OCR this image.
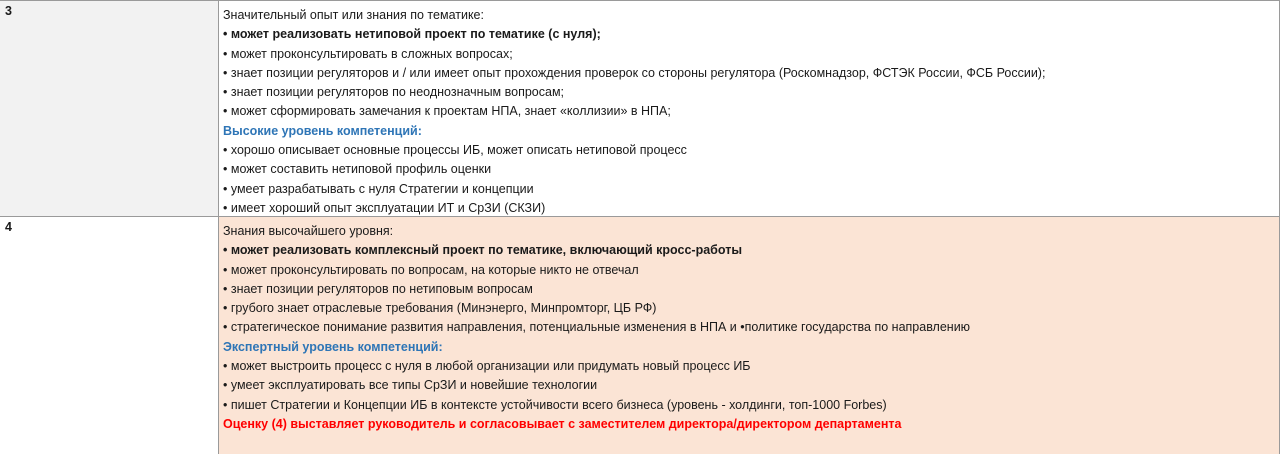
3	Значительный опыт или знания по тематике:
• может реализовать нетиповой проект по тематике (с нуля);
• может проконсультировать в сложных вопросах;
• знает позиции регуляторов и / или имеет опыт прохождения проверок со стороны регулятора (Роскомнадзор, ФСТЭК России, ФСБ России);
• знает позиции регуляторов по неоднозначным вопросам;
• может сформировать замечания к проектам НПА, знает «коллизии» в НПА;
Высокие уровень компетенций:
• хорошо описывает основные процессы ИБ, может описать нетиповой процесс
• может составить нетиповой профиль оценки
• умеет разрабатывать с нуля Стратегии и концепции
• имеет хороший опыт эксплуатации ИТ и СрЗИ (СКЗИ)
4	Знания высочайшего уровня:
• может реализовать комплексный проект по тематике, включающий кросс-работы
• может проконсультировать по вопросам, на которые никто не отвечал
• знает позиции регуляторов по нетиповым вопросам
• грубого знает отраслевые требования (Минэнерго, Минпромторг, ЦБ РФ)
• стратегическое понимание развития направления, потенциальные изменения в НПА и •политике государства по направлению
Экспертный уровень компетенций:
• может выстроить процесс с нуля в любой организации или придумать новый процесс ИБ
• умеет эксплуатировать все типы СрЗИ и новейшие технологии
• пишет Стратегии и Концепции ИБ в контексте устойчивости всего бизнеса (уровень - холдинги, топ-1000 Forbes)
Оценку (4) выставляет руководитель и согласовывает с заместителем директора/директором департамента
